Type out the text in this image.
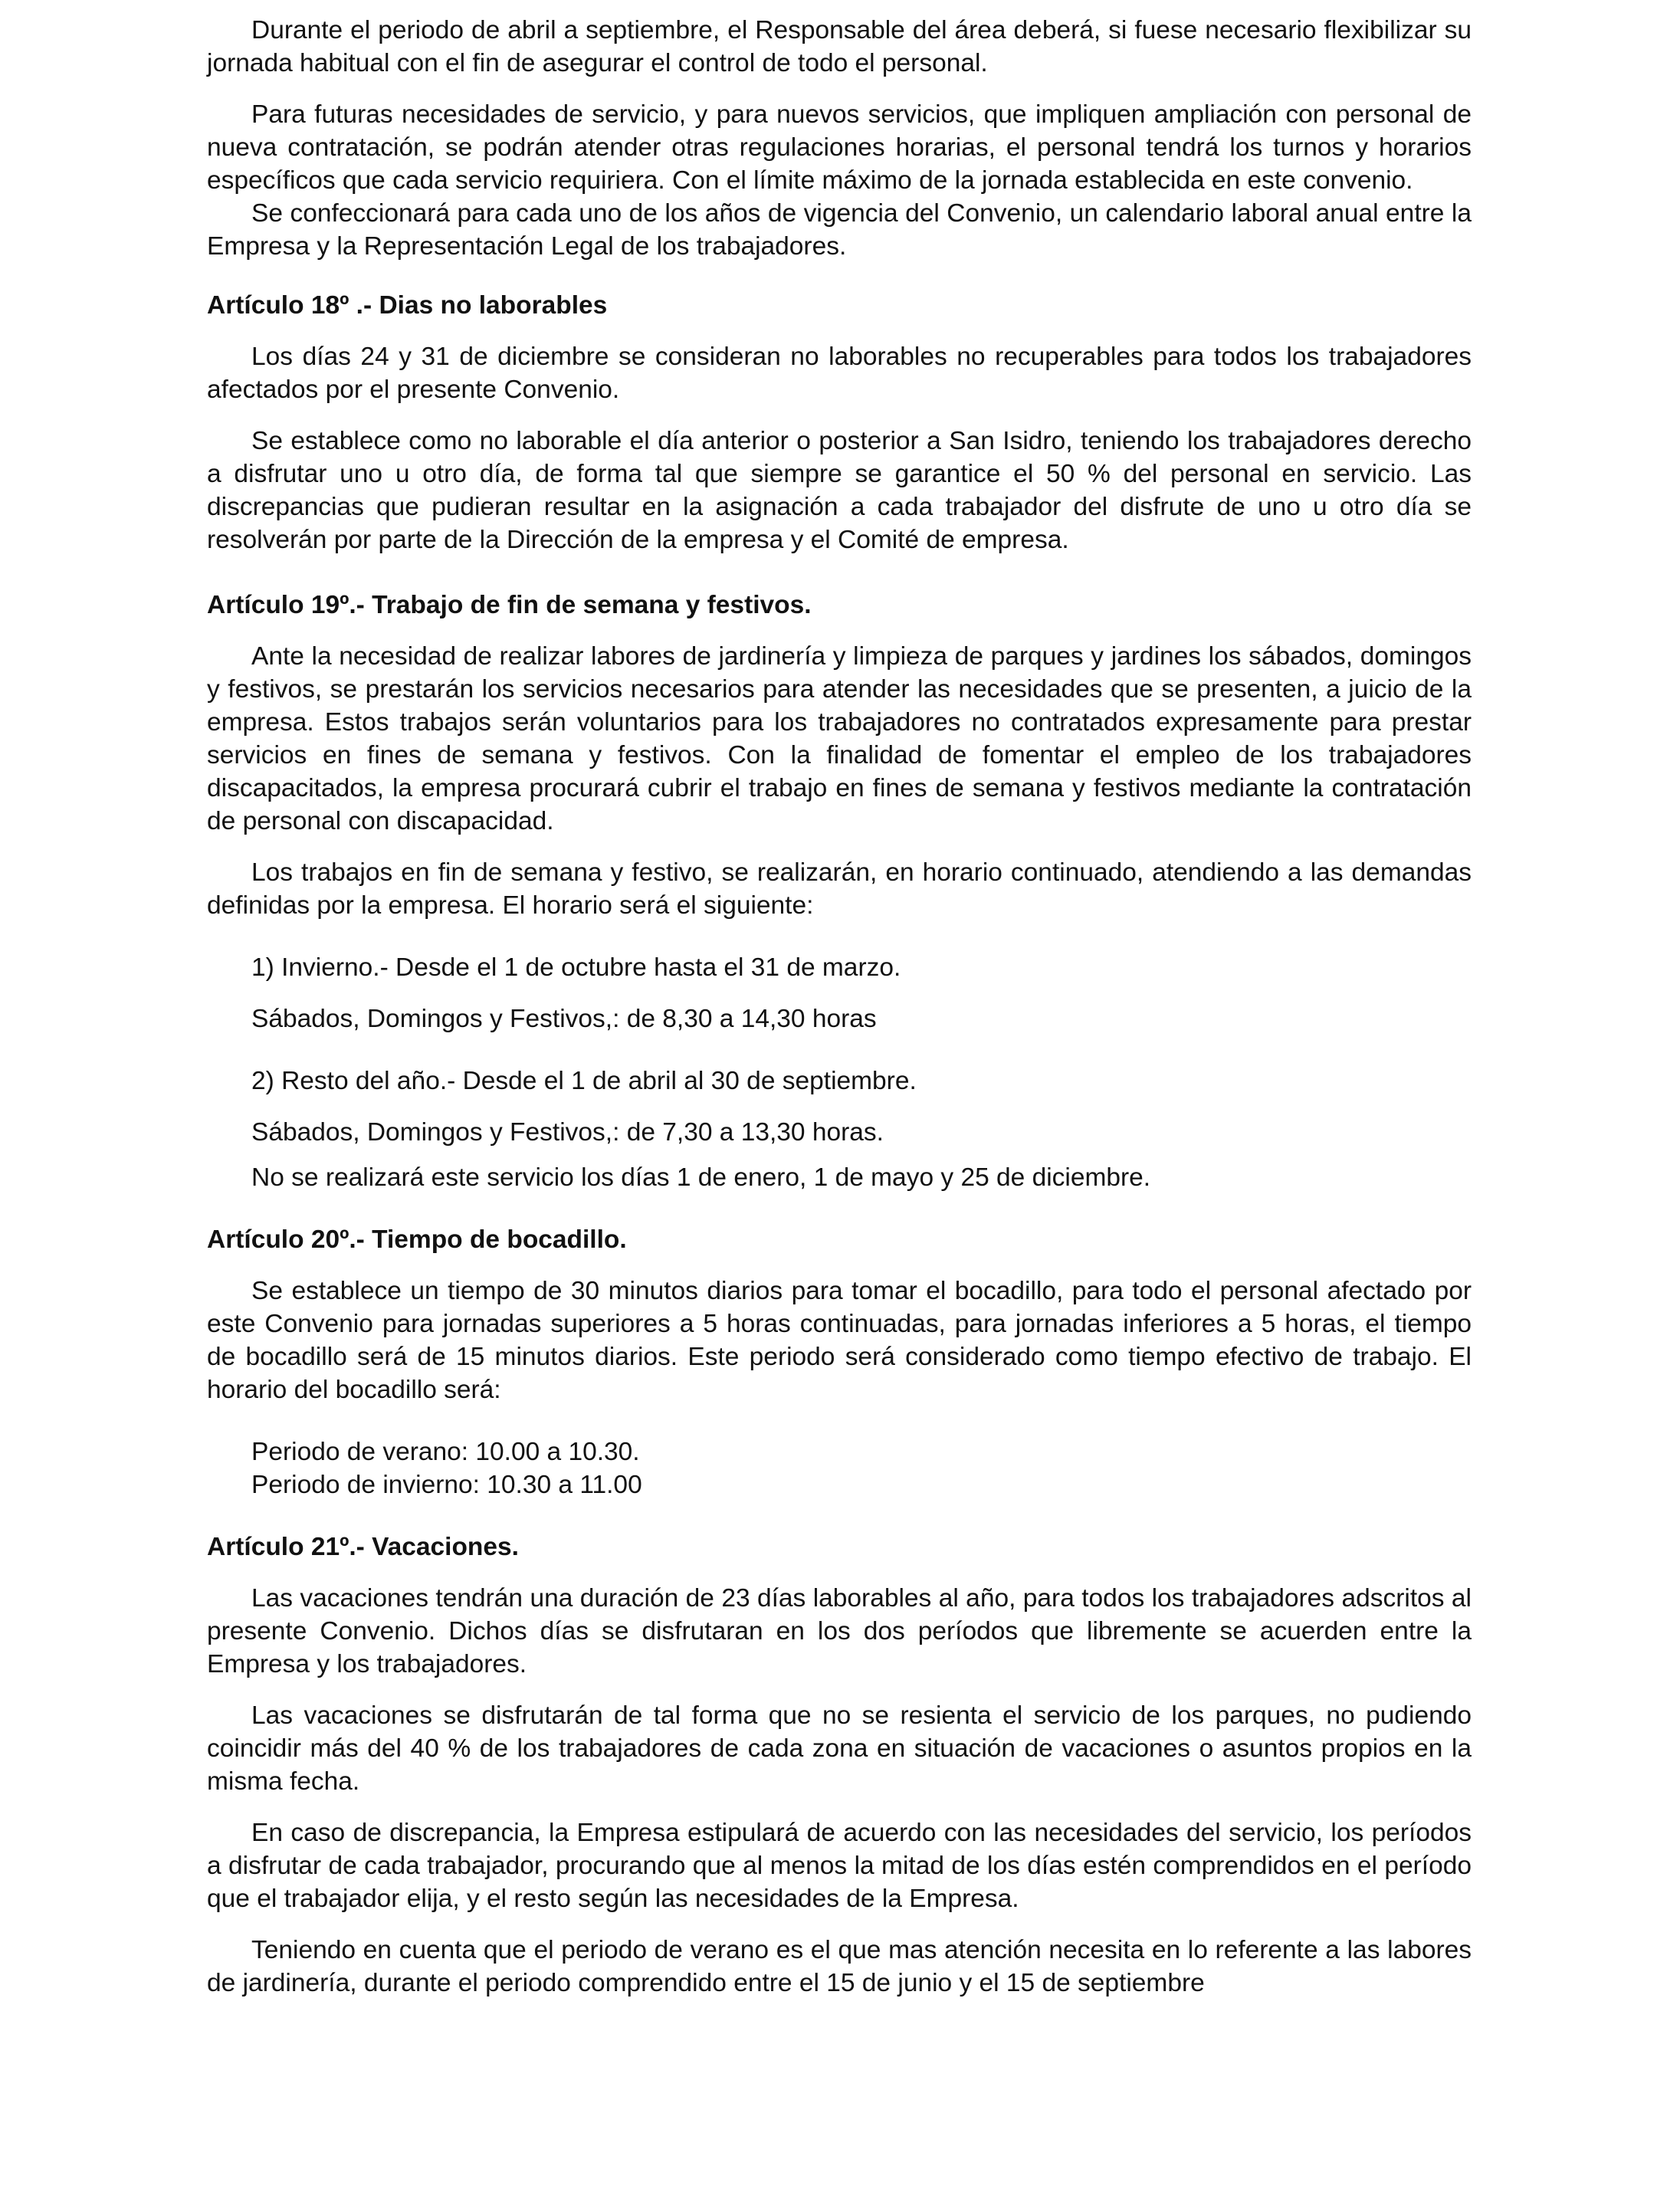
Durante el periodo de abril a septiembre, el Responsable del área deberá, si fuese necesario flexibilizar su jornada habitual con el fin de asegurar el control de todo el personal.

Para futuras necesidades de servicio, y para nuevos servicios, que impliquen ampliación con personal de nueva contratación, se podrán atender otras regulaciones horarias, el personal tendrá los turnos y horarios específicos que cada servicio requiriera. Con el límite máximo de la jornada establecida en este convenio.

Se confeccionará para cada uno de los años de vigencia del Convenio, un calendario laboral anual entre la Empresa y la Representación Legal de los trabajadores.

Artículo 18º .- Dias no laborables

Los días 24 y 31 de diciembre se consideran no laborables no recuperables para todos los trabajadores afectados por el presente Convenio.

Se establece como no laborable el día anterior o posterior a San Isidro, teniendo los trabajadores derecho a disfrutar uno u otro día, de forma tal que siempre se garantice el 50 % del personal en servicio. Las discrepancias que pudieran resultar en la asignación a cada trabajador del disfrute de uno u otro día se resolverán por parte de la Dirección de la empresa y el Comité de empresa.

Artículo 19º.- Trabajo de fin de semana y festivos.

Ante la necesidad de realizar labores de jardinería y limpieza de parques y jardines los sábados, domingos y festivos, se prestarán los servicios necesarios para atender las necesidades que se presenten, a juicio de la empresa. Estos trabajos serán voluntarios para los trabajadores no contratados expresamente para prestar servicios en fines de semana y festivos. Con la finalidad de fomentar el empleo de los trabajadores discapacitados, la empresa procurará cubrir el trabajo en fines de semana y festivos mediante la contratación de personal con discapacidad.

Los trabajos en fin de semana y festivo, se realizarán, en horario continuado, atendiendo a las demandas definidas por la empresa. El horario será el siguiente:

1) Invierno.- Desde el 1 de octubre hasta el 31 de marzo.

Sábados, Domingos y Festivos,: de 8,30 a 14,30 horas

2) Resto del año.- Desde el 1 de abril al 30 de septiembre.

Sábados, Domingos y Festivos,: de 7,30 a 13,30 horas.

No se realizará este servicio los días 1 de enero, 1 de mayo y 25 de diciembre.

Artículo 20º.- Tiempo de bocadillo.

Se establece un tiempo de 30 minutos diarios para tomar el bocadillo, para todo el personal afectado por este Convenio para jornadas superiores a 5 horas continuadas, para jornadas inferiores a 5 horas, el tiempo de bocadillo será de 15 minutos diarios. Este periodo será considerado como tiempo efectivo de trabajo. El horario del bocadillo será:

Periodo de verano: 10.00 a 10.30.

Periodo de invierno: 10.30 a 11.00

Artículo 21º.- Vacaciones.

Las vacaciones tendrán una duración de 23 días laborables al año, para todos los trabajadores adscritos al presente Convenio. Dichos días se disfrutaran en los dos períodos que libremente se acuerden entre la Empresa y los trabajadores.

Las vacaciones se disfrutarán de tal forma que no se resienta el servicio de los parques, no pudiendo coincidir más del 40 % de los trabajadores de cada zona en situación de vacaciones o asuntos propios en la misma fecha.

En caso de discrepancia, la Empresa estipulará de acuerdo con las necesidades del servicio, los períodos a disfrutar de cada trabajador, procurando que al menos la mitad de los días estén comprendidos en el período que el trabajador elija, y el resto según las necesidades de la Empresa.

Teniendo en cuenta que el periodo de verano es el que mas atención necesita en lo referente a las labores de jardinería, durante el periodo comprendido entre el 15 de junio y el 15 de septiembre
